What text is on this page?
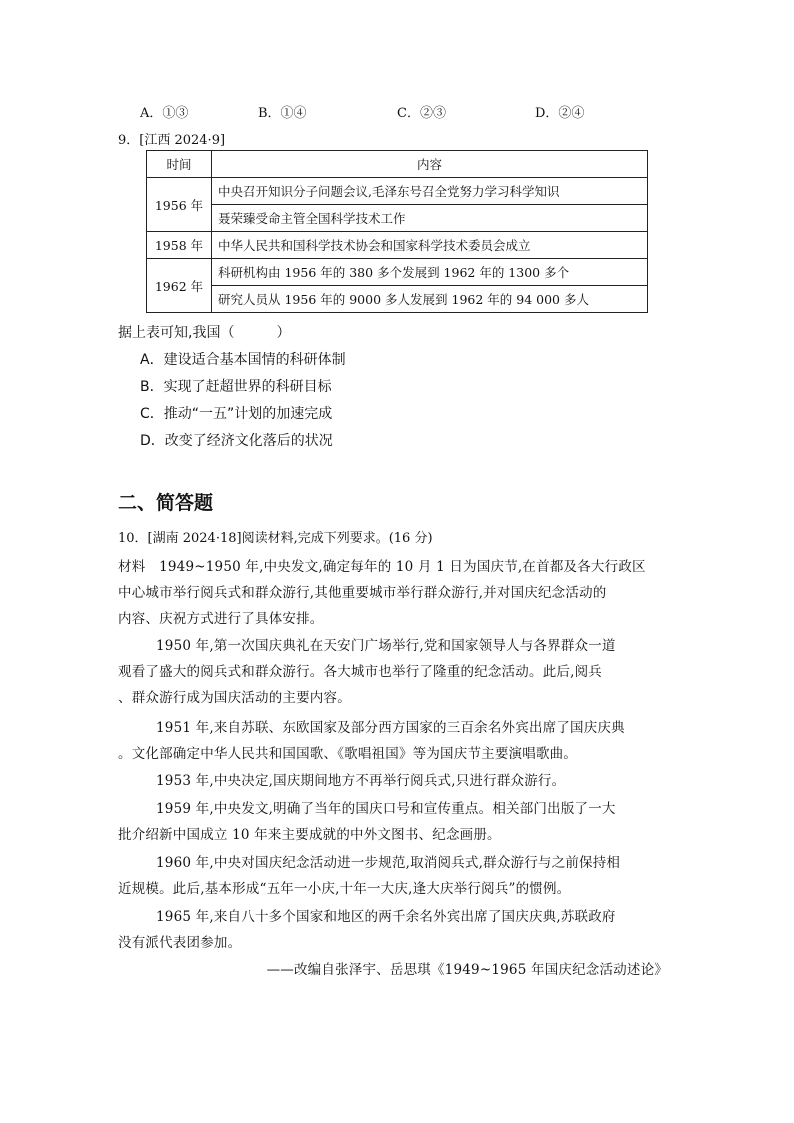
A．①③	B．①④	C．②③	D．②④
9．[江西 2024·9]
时间	内容
1956 年	中央召开知识分子问题会议,毛泽东号召全党努力学习科学知识
	聂荣臻受命主管全国科学技术工作
1958 年	中华人民共和国科学技术协会和国家科学技术委员会成立
1962 年	科研机构由 1956 年的 380 多个发展到 1962 年的 1300 多个
	研究人员从 1956 年的 9000 多人发展到 1962 年的 94 000 多人
据上表可知,我国（　　　）
A．建设适合基本国情的科研体制
B．实现了赶超世界的科研目标
C．推动“一五”计划的加速完成
D．改变了经济文化落后的状况
二、简答题
10．[湖南 2024·18]阅读材料,完成下列要求。(16 分)
材料　1949~1950 年,中央发文,确定每年的 10 月 1 日为国庆节,在首都及各大行政区
中心城市举行阅兵式和群众游行,其他重要城市举行群众游行,并对国庆纪念活动的
内容、庆祝方式进行了具体安排。
1950 年,第一次国庆典礼在天安门广场举行,党和国家领导人与各界群众一道
观看了盛大的阅兵式和群众游行。各大城市也举行了隆重的纪念活动。此后,阅兵
、群众游行成为国庆活动的主要内容。
1951 年,来自苏联、东欧国家及部分西方国家的三百余名外宾出席了国庆庆典
。文化部确定中华人民共和国国歌、《歌唱祖国》等为国庆节主要演唱歌曲。
1953 年,中央决定,国庆期间地方不再举行阅兵式,只进行群众游行。
1959 年,中央发文,明确了当年的国庆口号和宣传重点。相关部门出版了一大
批介绍新中国成立 10 年来主要成就的中外文图书、纪念画册。
1960 年,中央对国庆纪念活动进一步规范,取消阅兵式,群众游行与之前保持相
近规模。此后,基本形成“五年一小庆,十年一大庆,逢大庆举行阅兵”的惯例。
1965 年,来自八十多个国家和地区的两千余名外宾出席了国庆庆典,苏联政府
没有派代表团参加。
——改编自张泽宇、岳思琪《1949~1965 年国庆纪念活动述论》
